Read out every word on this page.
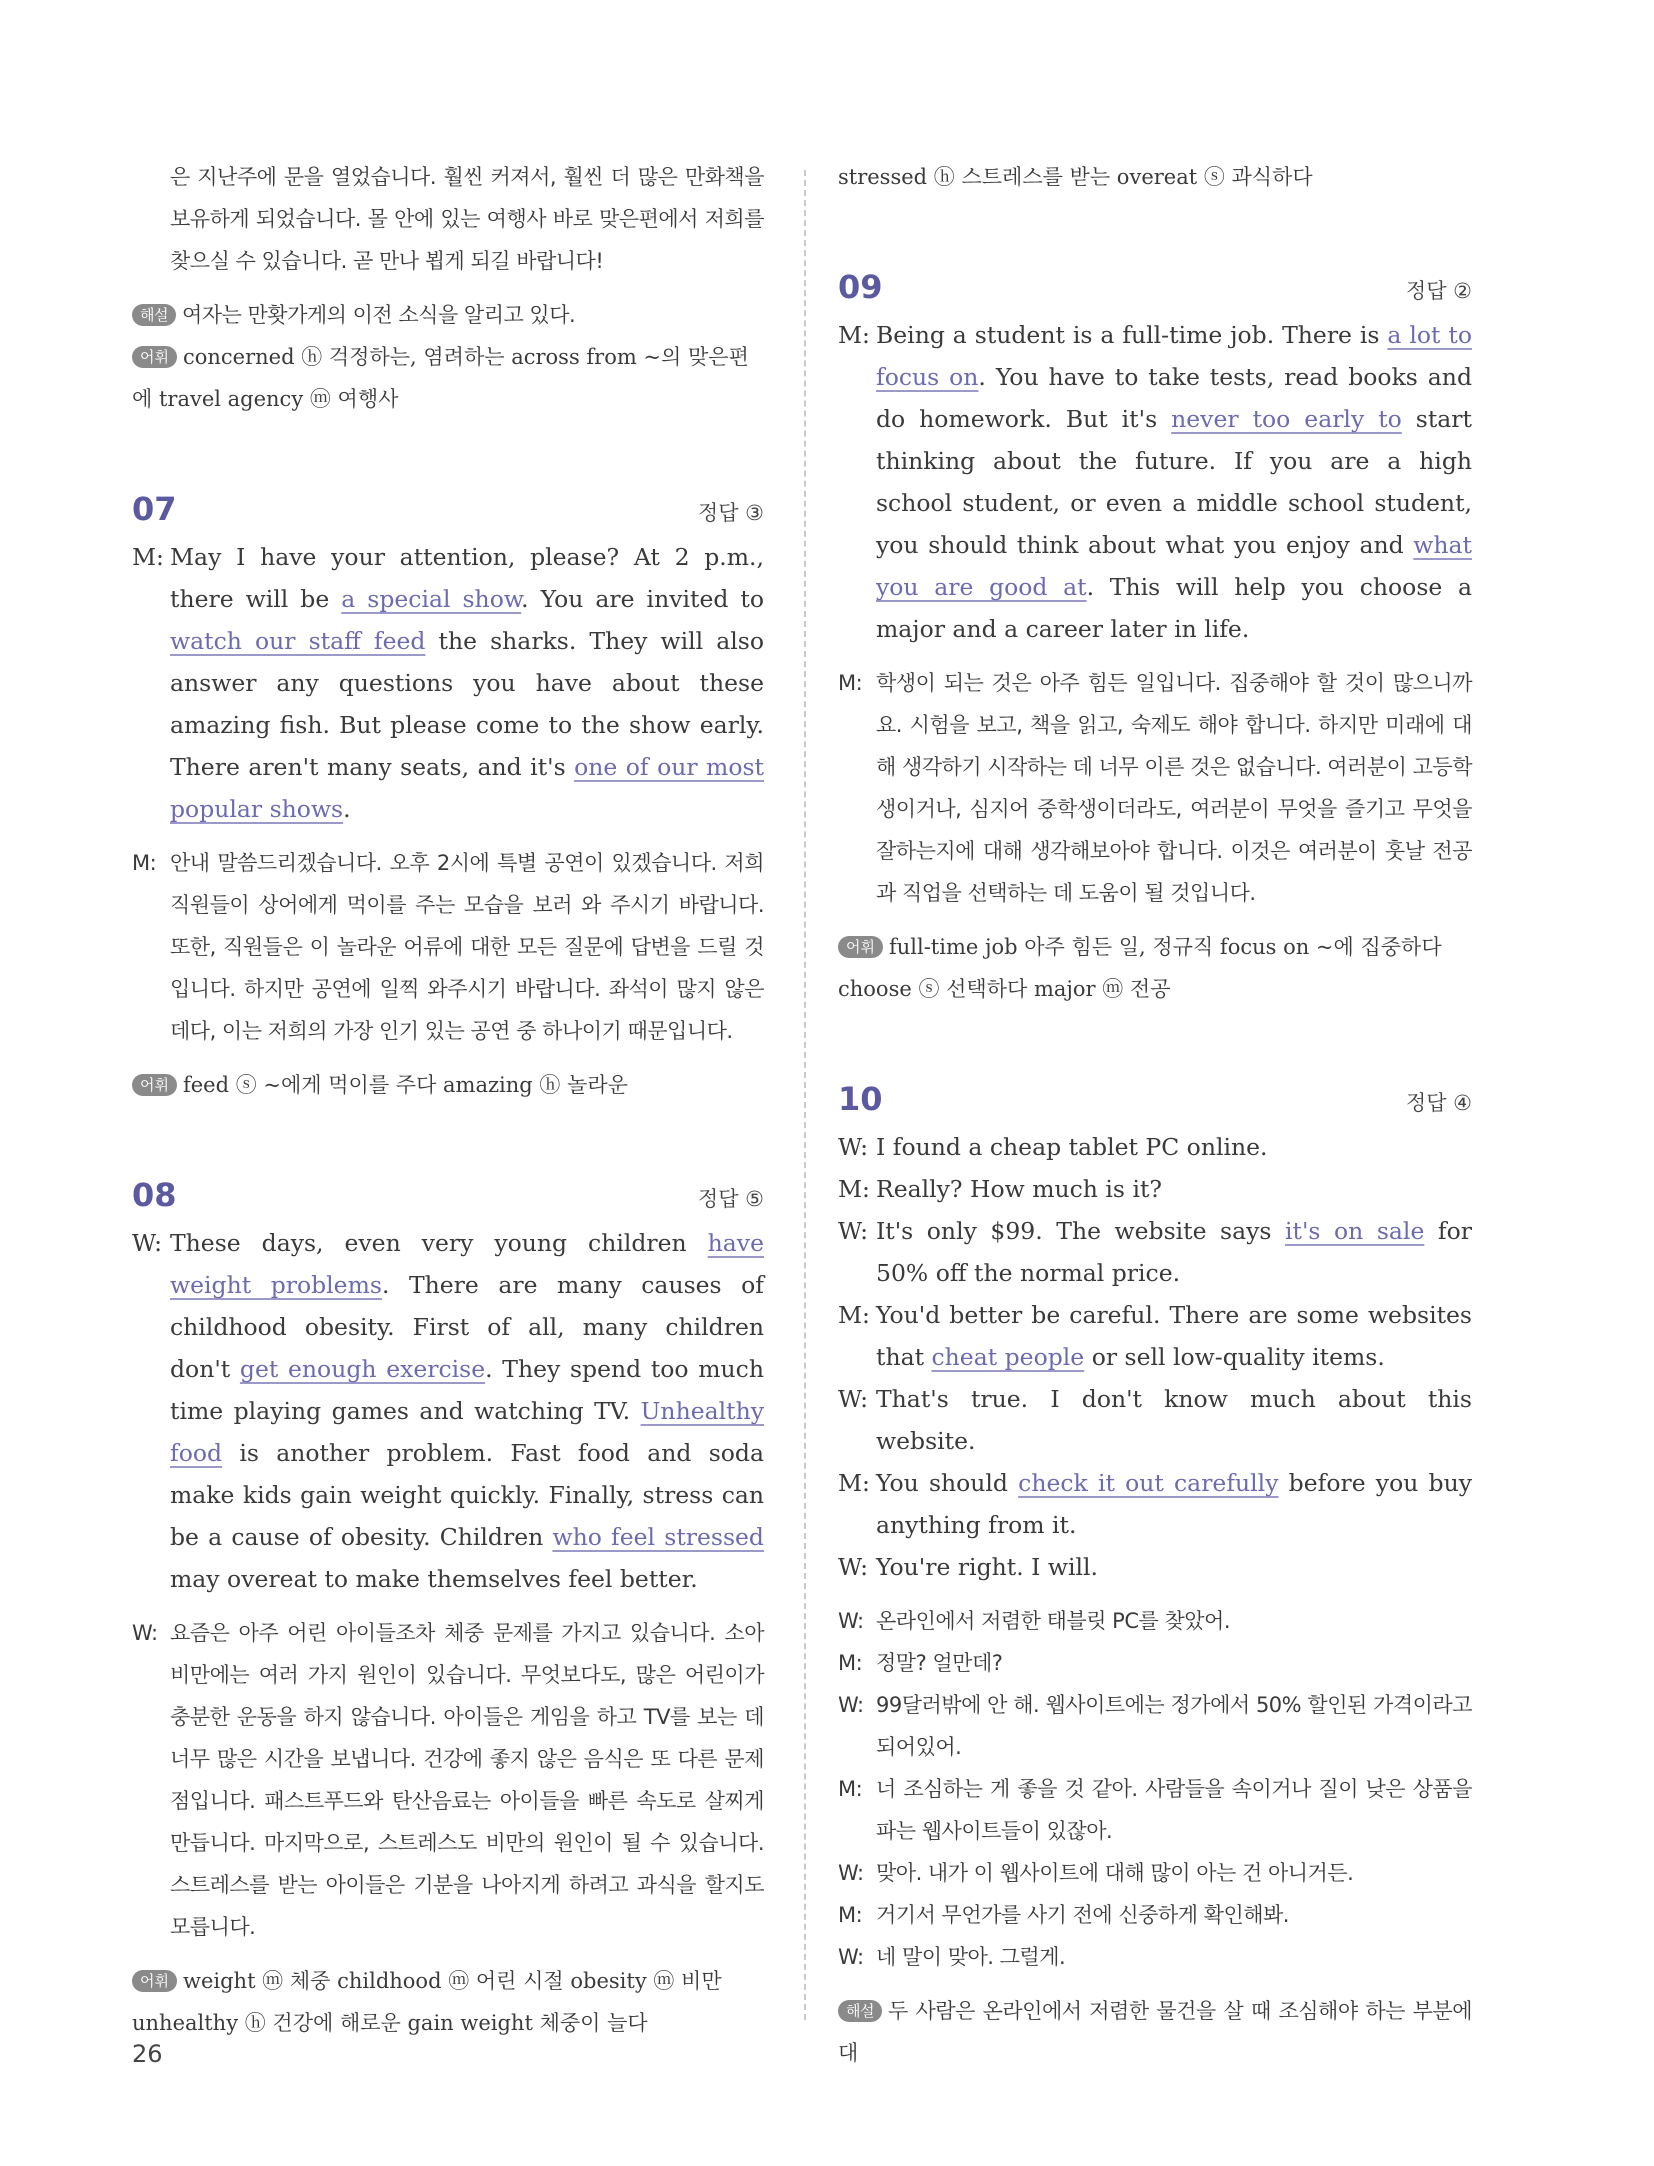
은 지난주에 문을 열었습니다. 훨씬 커져서, 훨씬 더 많은 만화책을 보유하게 되었습니다. 몰 안에 있는 여행사 바로 맞은편에서 저희를 찾으실 수 있습니다. 곧 만나 뵙게 되길 바랍니다!
해설 여자는 만홧가게의 이전 소식을 알리고 있다.
어휘 concerned ⓗ 걱정하는, 염려하는 across from ~의 맞은편에 travel agency ⓜ 여행사
07	정답 ③
M: May I have your attention, please? At 2 p.m., there will be a special show. You are invited to watch our staff feed the sharks. They will also answer any questions you have about these amazing fish. But please come to the show early. There aren't many seats, and it's one of our most popular shows.
M: 안내 말씀드리겠습니다. 오후 2시에 특별 공연이 있겠습니다. 저희 직원들이 상어에게 먹이를 주는 모습을 보러 와 주시기 바랍니다. 또한, 직원들은 이 놀라운 어류에 대한 모든 질문에 답변을 드릴 것입니다. 하지만 공연에 일찍 와주시기 바랍니다. 좌석이 많지 않은 데다, 이는 저희의 가장 인기 있는 공연 중 하나이기 때문입니다.
어휘 feed ⓢ ~에게 먹이를 주다 amazing ⓗ 놀라운
08	정답 ⑤
W: These days, even very young children have weight problems. There are many causes of childhood obesity. First of all, many children don't get enough exercise. They spend too much time playing games and watching TV. Unhealthy food is another problem. Fast food and soda make kids gain weight quickly. Finally, stress can be a cause of obesity. Children who feel stressed may overeat to make themselves feel better.
W: 요즘은 아주 어린 아이들조차 체중 문제를 가지고 있습니다. 소아 비만에는 여러 가지 원인이 있습니다. 무엇보다도, 많은 어린이가 충분한 운동을 하지 않습니다. 아이들은 게임을 하고 TV를 보는 데 너무 많은 시간을 보냅니다. 건강에 좋지 않은 음식은 또 다른 문제점입니다. 패스트푸드와 탄산음료는 아이들을 빠른 속도로 살찌게 만듭니다. 마지막으로, 스트레스도 비만의 원인이 될 수 있습니다. 스트레스를 받는 아이들은 기분을 나아지게 하려고 과식을 할지도 모릅니다.
어휘 weight ⓜ 체중 childhood ⓜ 어린 시절 obesity ⓜ 비만 unhealthy ⓗ 건강에 해로운 gain weight 체중이 늘다
stressed ⓗ 스트레스를 받는 overeat ⓢ 과식하다
09	정답 ②
M: Being a student is a full-time job. There is a lot to focus on. You have to take tests, read books and do homework. But it's never too early to start thinking about the future. If you are a high school student, or even a middle school student, you should think about what you enjoy and what you are good at. This will help you choose a major and a career later in life.
M: 학생이 되는 것은 아주 힘든 일입니다. 집중해야 할 것이 많으니까요. 시험을 보고, 책을 읽고, 숙제도 해야 합니다. 하지만 미래에 대해 생각하기 시작하는 데 너무 이른 것은 없습니다. 여러분이 고등학생이거나, 심지어 중학생이더라도, 여러분이 무엇을 즐기고 무엇을 잘하는지에 대해 생각해보아야 합니다. 이것은 여러분이 훗날 전공과 직업을 선택하는 데 도움이 될 것입니다.
어휘 full-time job 아주 힘든 일, 정규직 focus on ~에 집중하다 choose ⓢ 선택하다 major ⓜ 전공
10	정답 ④
W: I found a cheap tablet PC online.
M: Really? How much is it?
W: It's only $99. The website says it's on sale for 50% off the normal price.
M: You'd better be careful. There are some websites that cheat people or sell low-quality items.
W: That's true. I don't know much about this website.
M: You should check it out carefully before you buy anything from it.
W: You're right. I will.
W: 온라인에서 저렴한 태블릿 PC를 찾았어.
M: 정말? 얼만데?
W: 99달러밖에 안 해. 웹사이트에는 정가에서 50% 할인된 가격이라고 되어있어.
M: 너 조심하는 게 좋을 것 같아. 사람들을 속이거나 질이 낮은 상품을 파는 웹사이트들이 있잖아.
W: 맞아. 내가 이 웹사이트에 대해 많이 아는 건 아니거든.
M: 거기서 무언가를 사기 전에 신중하게 확인해봐.
W: 네 말이 맞아. 그럴게.
해설 두 사람은 온라인에서 저렴한 물건을 살 때 조심해야 하는 부분에 대
26
